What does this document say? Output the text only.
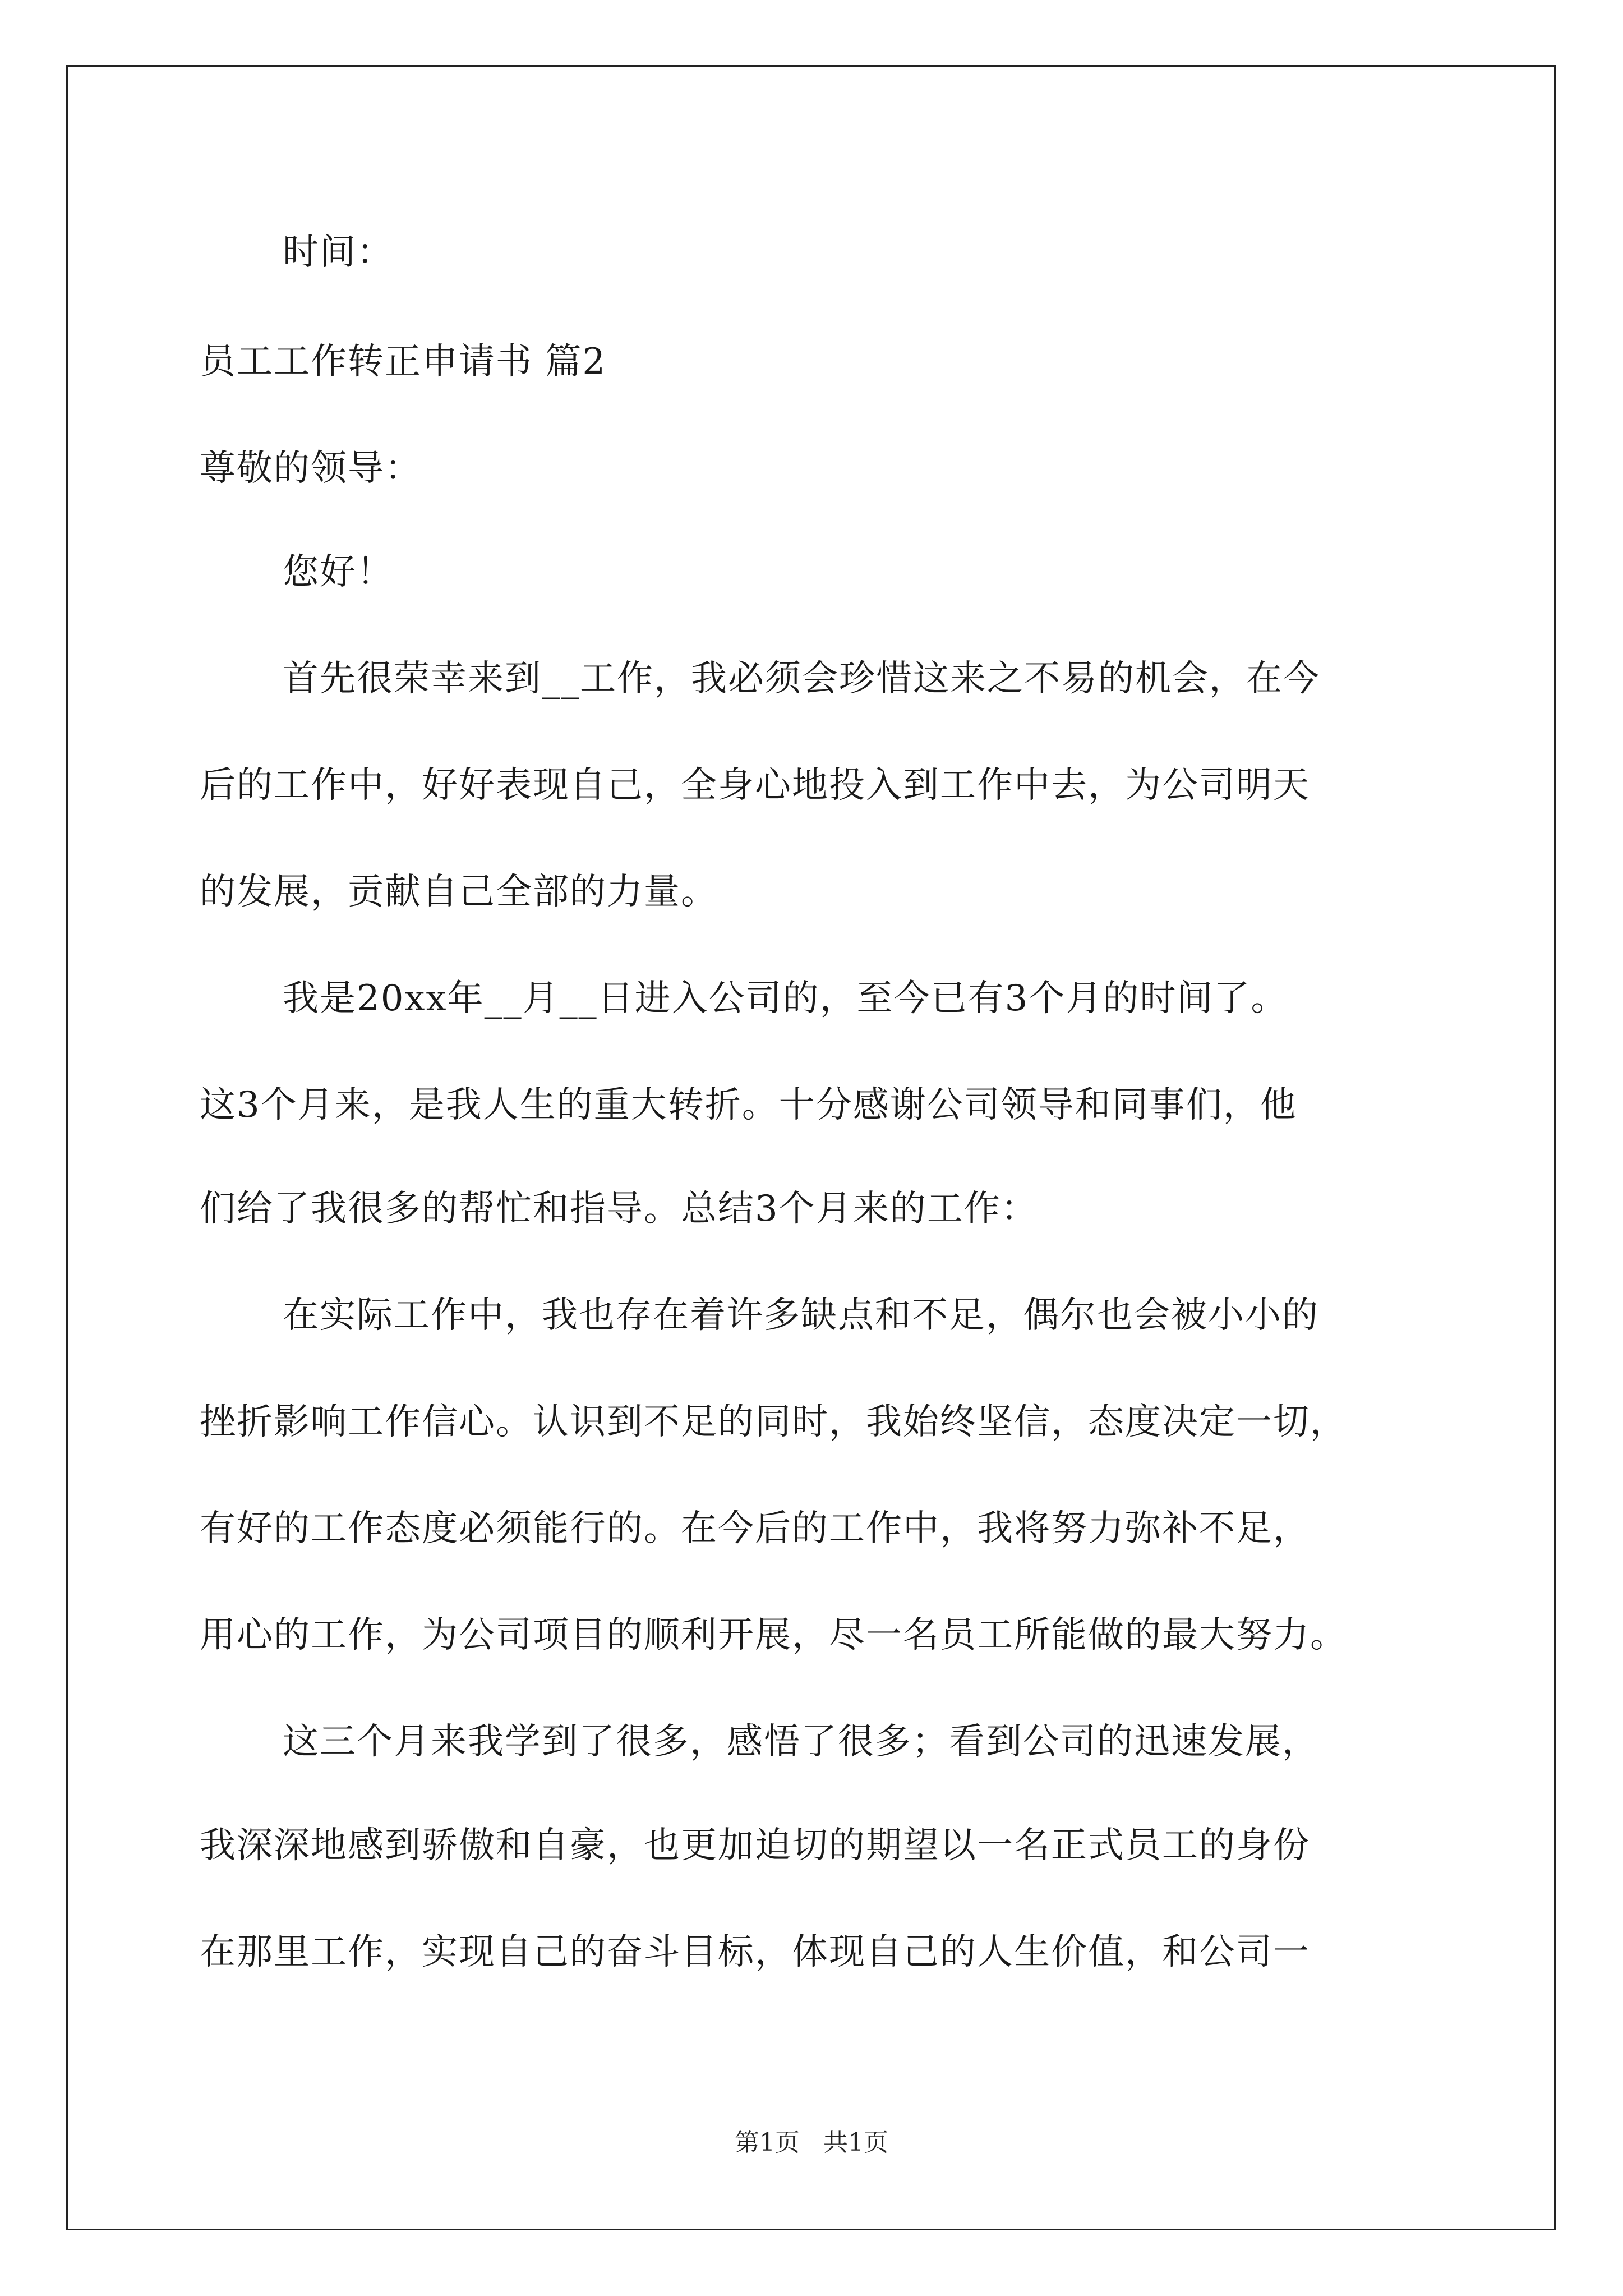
时间：

员工工作转正申请书 篇2

尊敬的领导：

您好！

首先很荣幸来到__工作，我必须会珍惜这来之不易的机会，在今

后的工作中，好好表现自己，全身心地投入到工作中去，为公司明天

的发展，贡献自己全部的力量。

我是20xx年__月__日进入公司的，至今已有3个月的时间了。

这3个月来，是我人生的重大转折。十分感谢公司领导和同事们，他

们给了我很多的帮忙和指导。总结3个月来的工作：

在实际工作中，我也存在着许多缺点和不足，偶尔也会被小小的

挫折影响工作信心。认识到不足的同时，我始终坚信，态度决定一切，

有好的工作态度必须能行的。在今后的工作中，我将努力弥补不足，

用心的工作，为公司项目的顺利开展，尽一名员工所能做的最大努力。

这三个月来我学到了很多，感悟了很多；看到公司的迅速发展，

我深深地感到骄傲和自豪，也更加迫切的期望以一名正式员工的身份

在那里工作，实现自己的奋斗目标，体现自己的人生价值，和公司一

第1页   共1页
